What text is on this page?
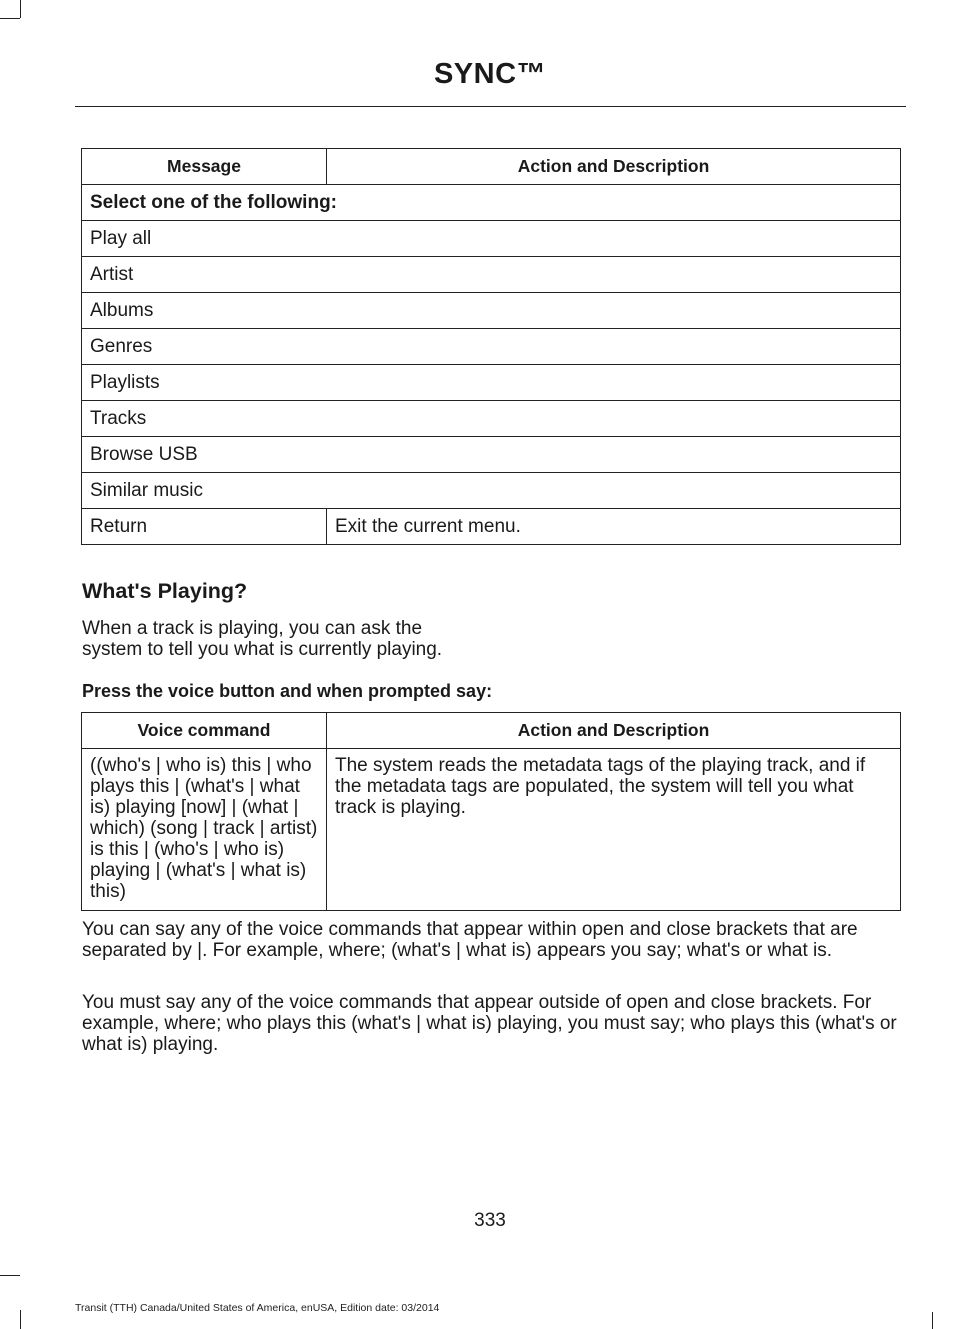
SYNC™
Message	Action and Description
Select one of the following:	
Play all	
Artist	
Albums	
Genres	
Playlists	
Tracks	
Browse USB	
Similar music	
Return	Exit the current menu.
What's Playing?
When a track is playing, you can ask the system to tell you what is currently playing.
Press the voice button and when prompted say:
Voice command	Action and Description
((who's | who is) this | who plays this | (what's | what is) playing [now] | (what | which) (song | track | artist) is this | (who's | who is) playing | (what's | what is) this)	The system reads the metadata tags of the playing track, and if the metadata tags are populated, the system will tell you what track is playing.
You can say any of the voice commands that appear within open and close brackets that are separated by |. For example, where; (what's | what is) appears you say; what's or what is.
You must say any of the voice commands that appear outside of open and close brackets. For example, where; who plays this (what's | what is) playing, you must say; who plays this (what's or what is) playing.
333
Transit (TTH) Canada/United States of America, enUSA, Edition date: 03/2014
